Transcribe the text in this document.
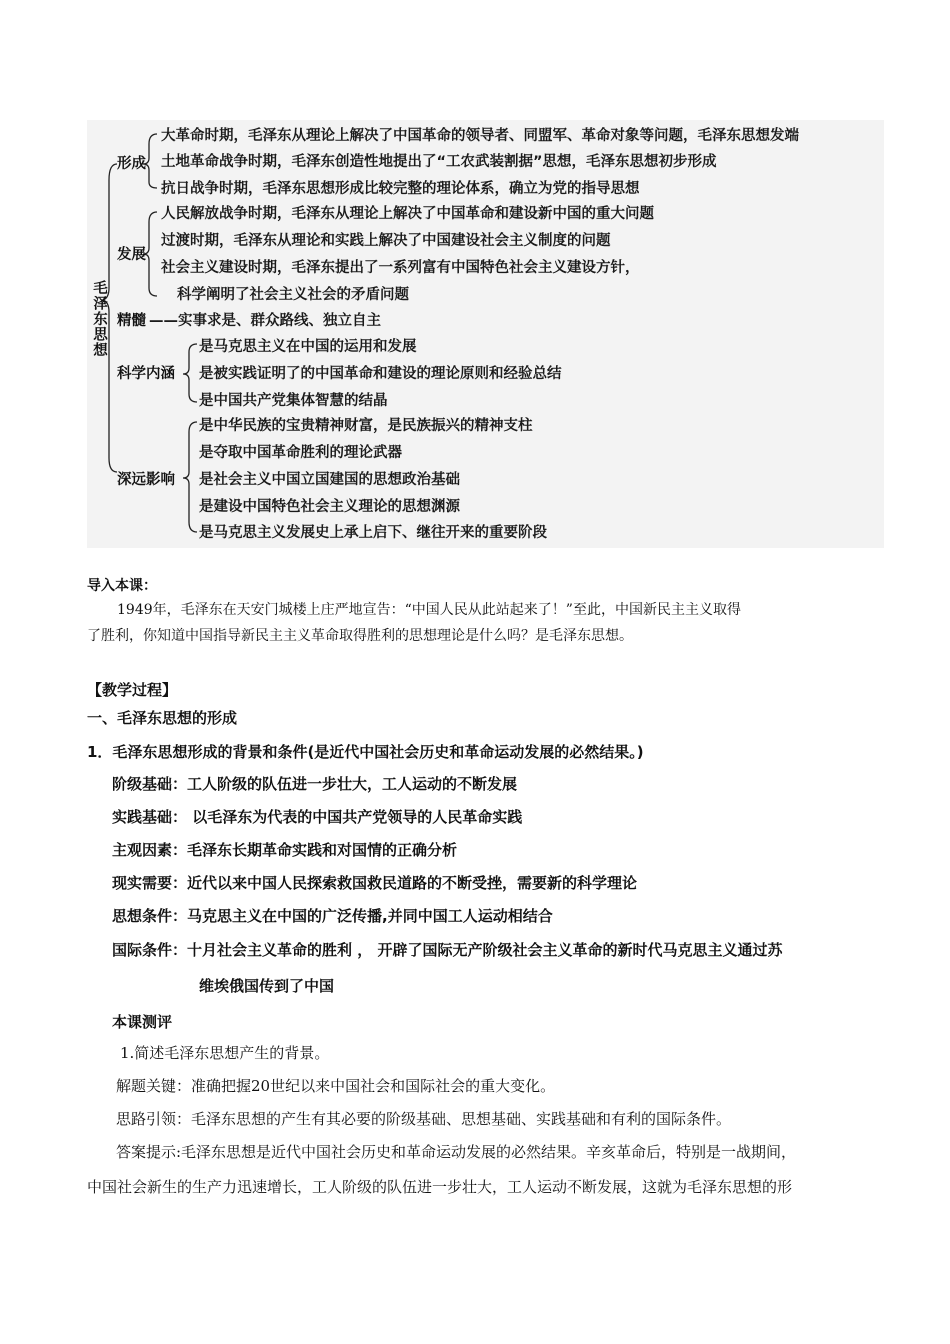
毛泽东思想
形成
大革命时期，毛泽东从理论上解决了中国革命的领导者、同盟军、革命对象等问题，毛泽东思想发端
土地革命战争时期，毛泽东创造性地提出了“工农武装割据”思想，毛泽东思想初步形成
抗日战争时期，毛泽东思想形成比较完整的理论体系，确立为党的指导思想
发展
人民解放战争时期，毛泽东从理论上解决了中国革命和建设新中国的重大问题
过渡时期，毛泽东从理论和实践上解决了中国建设社会主义制度的问题
社会主义建设时期，毛泽东提出了一系列富有中国特色社会主义建设方针，
科学阐明了社会主义社会的矛盾问题
精髓 ——实事求是、群众路线、独立自主
科学内涵
是马克思主义在中国的运用和发展
是被实践证明了的中国革命和建设的理论原则和经验总结
是中国共产党集体智慧的结晶
深远影响
是中华民族的宝贵精神财富，是民族振兴的精神支柱
是夺取中国革命胜利的理论武器
是社会主义中国立国建国的思想政治基础
是建设中国特色社会主义理论的思想渊源
是马克思主义发展史上承上启下、继往开来的重要阶段
导入本课：
1949年，毛泽东在天安门城楼上庄严地宣告：“中国人民从此站起来了！”至此，中国新民主主义取得
了胜利，你知道中国指导新民主主义革命取得胜利的思想理论是什么吗？是毛泽东思想。
【教学过程】
一、毛泽东思想的形成
1．毛泽东思想形成的背景和条件(是近代中国社会历史和革命运动发展的必然结果。)
阶级基础：工人阶级的队伍进一步壮大，工人运动的不断发展
实践基础： 以毛泽东为代表的中国共产党领导的人民革命实践
主观因素：毛泽东长期革命实践和对国情的正确分析
现实需要：近代以来中国人民探索救国救民道路的不断受挫，需要新的科学理论
思想条件：马克思主义在中国的广泛传播,并同中国工人运动相结合
国际条件：十月社会主义革命的胜利 ， 开辟了国际无产阶级社会主义革命的新时代马克思主义通过苏
维埃俄国传到了中国
本课测评
1.简述毛泽东思想产生的背景。
解题关键：准确把握20世纪以来中国社会和国际社会的重大变化。
思路引领：毛泽东思想的产生有其必要的阶级基础、思想基础、实践基础和有利的国际条件。
答案提示:毛泽东思想是近代中国社会历史和革命运动发展的必然结果。辛亥革命后，特别是一战期间，
中国社会新生的生产力迅速增长，工人阶级的队伍进一步壮大，工人运动不断发展，这就为毛泽东思想的形
